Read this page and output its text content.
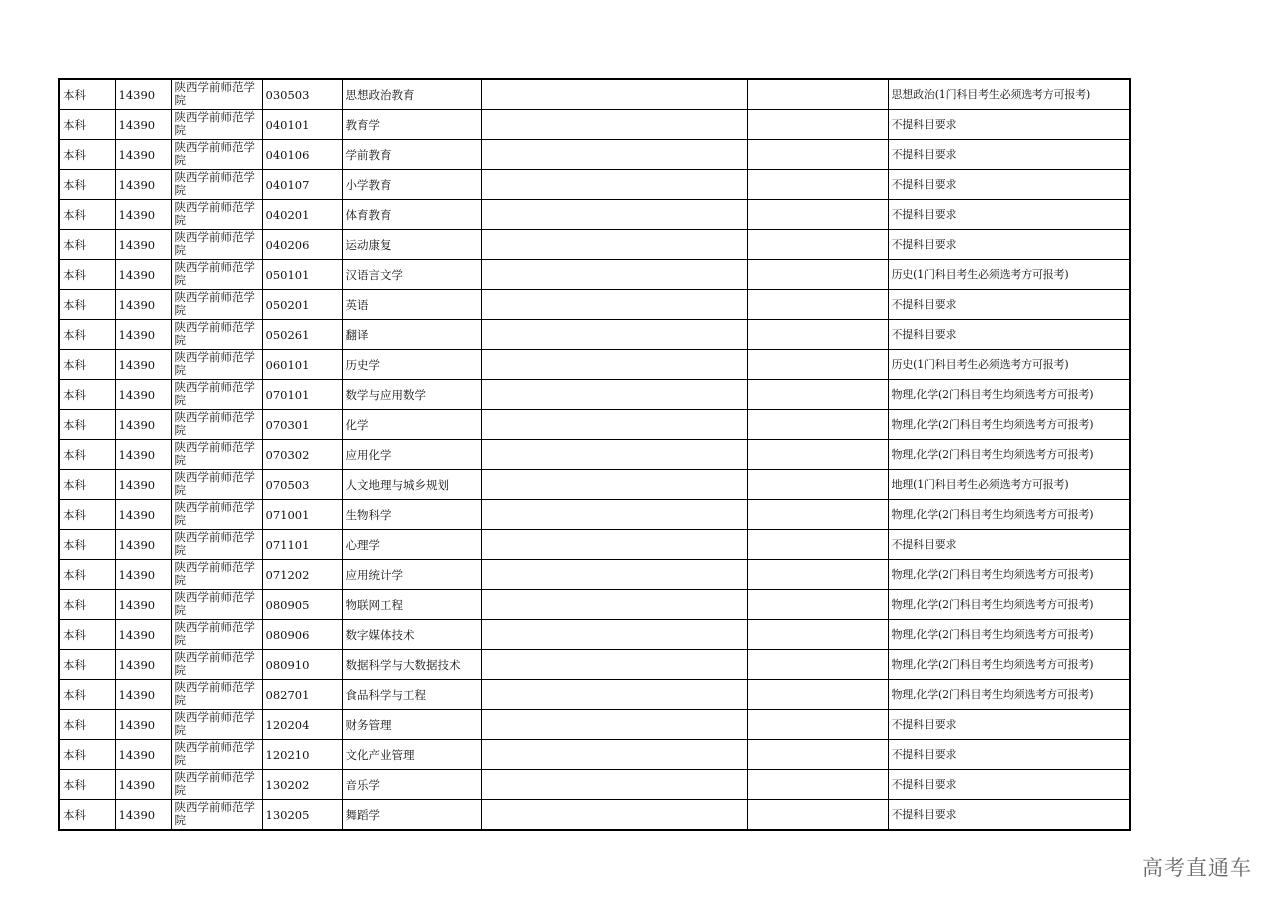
本科	14390	陕西学前师范学院	030503	思想政治教育			思想政治(1门科目考生必须选考方可报考)
本科	14390	陕西学前师范学院	040101	教育学			不提科目要求
本科	14390	陕西学前师范学院	040106	学前教育			不提科目要求
本科	14390	陕西学前师范学院	040107	小学教育			不提科目要求
本科	14390	陕西学前师范学院	040201	体育教育			不提科目要求
本科	14390	陕西学前师范学院	040206	运动康复			不提科目要求
本科	14390	陕西学前师范学院	050101	汉语言文学			历史(1门科目考生必须选考方可报考)
本科	14390	陕西学前师范学院	050201	英语			不提科目要求
本科	14390	陕西学前师范学院	050261	翻译			不提科目要求
本科	14390	陕西学前师范学院	060101	历史学			历史(1门科目考生必须选考方可报考)
本科	14390	陕西学前师范学院	070101	数学与应用数学			物理,化学(2门科目考生均须选考方可报考)
本科	14390	陕西学前师范学院	070301	化学			物理,化学(2门科目考生均须选考方可报考)
本科	14390	陕西学前师范学院	070302	应用化学			物理,化学(2门科目考生均须选考方可报考)
本科	14390	陕西学前师范学院	070503	人文地理与城乡规划			地理(1门科目考生必须选考方可报考)
本科	14390	陕西学前师范学院	071001	生物科学			物理,化学(2门科目考生均须选考方可报考)
本科	14390	陕西学前师范学院	071101	心理学			不提科目要求
本科	14390	陕西学前师范学院	071202	应用统计学			物理,化学(2门科目考生均须选考方可报考)
本科	14390	陕西学前师范学院	080905	物联网工程			物理,化学(2门科目考生均须选考方可报考)
本科	14390	陕西学前师范学院	080906	数字媒体技术			物理,化学(2门科目考生均须选考方可报考)
本科	14390	陕西学前师范学院	080910	数据科学与大数据技术			物理,化学(2门科目考生均须选考方可报考)
本科	14390	陕西学前师范学院	082701	食品科学与工程			物理,化学(2门科目考生均须选考方可报考)
本科	14390	陕西学前师范学院	120204	财务管理			不提科目要求
本科	14390	陕西学前师范学院	120210	文化产业管理			不提科目要求
本科	14390	陕西学前师范学院	130202	音乐学			不提科目要求
本科	14390	陕西学前师范学院	130205	舞蹈学			不提科目要求
高考直通车
